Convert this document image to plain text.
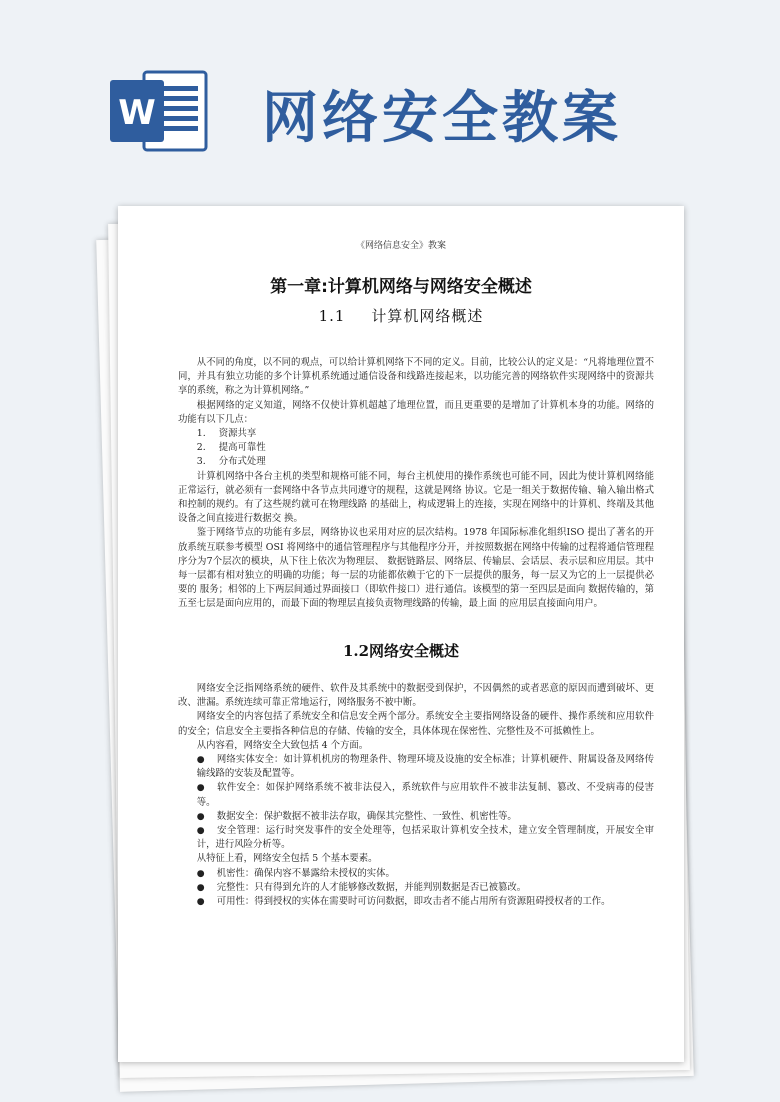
W 网络安全教案
《网络信息安全》教案
第一章:计算机网络与网络安全概述
1.1 计算机网络概述

从不同的角度，以不同的观点，可以给计算机网络下不同的定义。目前，比较公认的定义是：“凡将地理位置不同，并具有独立功能的多个计算机系统通过通信设备和线路连接起来，以功能完善的网络软件实现网络中的资源共享的系统，称之为计算机网络。”

根据网络的定义知道，网络不仅使计算机超越了地理位置，而且更重要的是增加了计算机本身的功能。网络的功能有以下几点：

1. 资源共享

2. 提高可靠性

3. 分布式处理

计算机网络中各台主机的类型和规格可能不同，每台主机使用的操作系统也可能不同，因此为使计算机网络能正常运行，就必须有一套网络中各节点共同遵守的规程，这就是网络 协议。它是一组关于数据传输、输入输出格式和控制的规约。有了这些规约就可在物理线路 的基础上，构成逻辑上的连接，实现在网络中的计算机、终端及其他设备之间直接进行数据交 换。

鉴于网络节点的功能有多层，网络协议也采用对应的层次结构。1978 年国际标准化组织ISO 提出了著名的开放系统互联参考模型 OSI 将网络中的通信管理程序与其他程序分开，并按照数据在网络中传输的过程将通信管理程序分为7个层次的模块，从下往上依次为物理层、 数据链路层、网络层、传输层、会话层、表示层和应用层。其中每一层都有相对独立的明确的功能；每一层的功能都依赖于它的下一层提供的服务，每一层又为它的上一层提供必要的 服务；相邻的上下两层间通过界面接口（即软件接口）进行通信。该模型的第一至四层是面向 数据传输的，第五至七层是面向应用的，而最下面的物理层直接负责物理线路的传输，最上面 的应用层直接面向用户。

1.2网络安全概述

网络安全泛指网络系统的硬件、软件及其系统中的数据受到保护，不因偶然的或者恶意的原因而遭到破坏、更改、泄漏。系统连续可靠正常地运行，网络服务不被中断。

网络安全的内容包括了系统安全和信息安全两个部分。系统安全主要指网络设备的硬件、操作系统和应用软件的安全；信息安全主要指各种信息的存储、传输的安全，具体体现在保密性、完整性及不可抵赖性上。

从内容看，网络安全大致包括 4 个方面。

● 网络实体安全：如计算机机房的物理条件、物理环境及设施的安全标准；计算机硬件、附属设备及网络传输线路的安装及配置等。

● 软件安全：如保护网络系统不被非法侵入，系统软件与应用软件不被非法复制、篡改、不受病毒的侵害等。

● 数据安全：保护数据不被非法存取，确保其完整性、一致性、机密性等。

● 安全管理：运行时突发事件的安全处理等，包括采取计算机安全技术，建立安全管理制度，开展安全审计，进行风险分析等。

从特征上看，网络安全包括 5 个基本要素。

● 机密性：确保内容不暴露给未授权的实体。

● 完整性：只有得到允许的人才能够修改数据，并能判别数据是否已被篡改。

● 可用性：得到授权的实体在需要时可访问数据，即攻击者不能占用所有资源阻碍授权者的工作。
